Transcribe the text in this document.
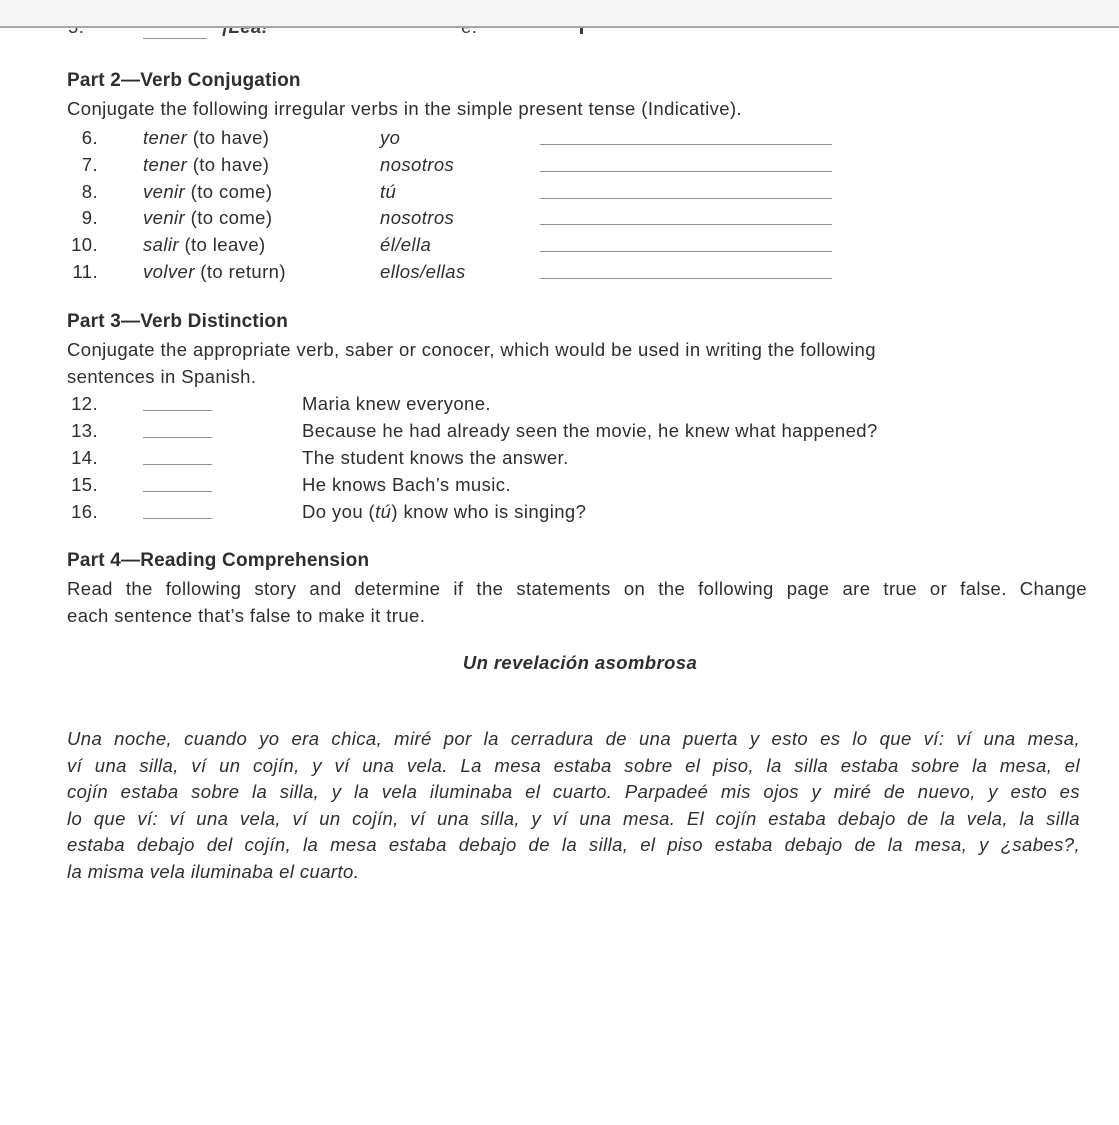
Part 2—Verb Conjugation
Conjugate the following irregular verbs in the simple present tense (Indicative).
6. tener (to have)	yo
7. tener (to have)	nosotros
8. venir (to come)	tú
9. venir (to come)	nosotros
10. salir (to leave)	él/ella
11. volver (to return)	ellos/ellas
Part 3—Verb Distinction
Conjugate the appropriate verb, saber or conocer, which would be used in writing the following
sentences in Spanish.
12.	Maria knew everyone.
13.	Because he had already seen the movie, he knew what happened?
14.	The student knows the answer.
15.	He knows Bach’s music.
16.	Do you (tú) know who is singing?
Part 4—Reading Comprehension
Read the following story and determine if the statements on the following page are true or false. Change
each sentence that’s false to make it true.
Un revelación asombrosa
Una noche, cuando yo era chica, miré por la cerradura de una puerta y esto es lo que ví: ví una mesa,
ví una silla, ví un cojín, y ví una vela. La mesa estaba sobre el piso, la silla estaba sobre la mesa, el
cojín estaba sobre la silla, y la vela iluminaba el cuarto. Parpadeé mis ojos y miré de nuevo, y esto es
lo que ví: ví una vela, ví un cojín, ví una silla, y ví una mesa. El cojín estaba debajo de la vela, la silla
estaba debajo del cojín, la mesa estaba debajo de la silla, el piso estaba debajo de la mesa, y ¿sabes?,
la misma vela iluminaba el cuarto.
